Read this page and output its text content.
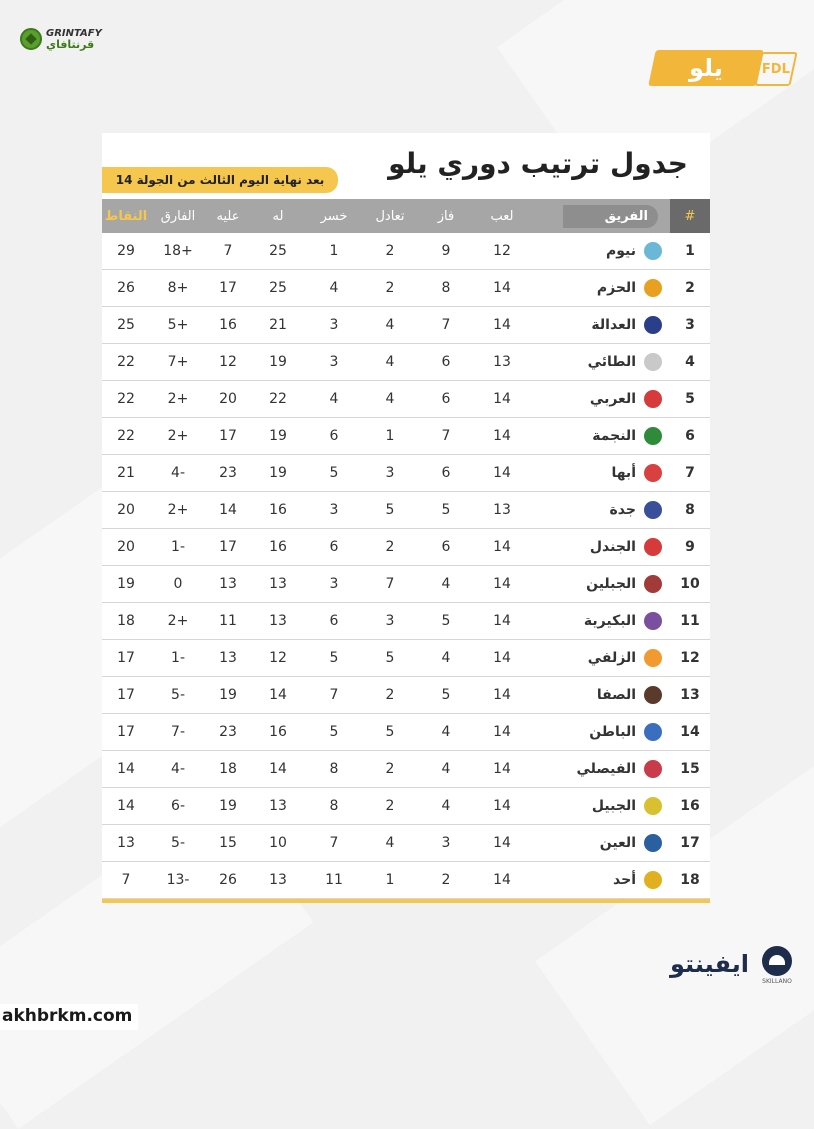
GRINTAFY
قرنتافاي
يلو	FDL
جدول ترتيب دوري يلو
بعد نهاية اليوم الثالث من الجولة 14
#
الفريق
لعب
فاز
تعادل
خسر
له
عليه
الفارق
النقاط
1
نيوم
12
9
2
1
25
7
+18
29
2
الحزم
14
8
2
4
25
17
+8
26
3
العدالة
14
7
4
3
21
16
+5
25
4
الطائي
13
6
4
3
19
12
+7
22
5
العربي
14
6
4
4
22
20
+2
22
6
النجمة
14
7
1
6
19
17
+2
22
7
أبها
14
6
3
5
19
23
-4
21
8
جدة
13
5
5
3
16
14
+2
20
9
الجندل
14
6
2
6
16
17
-1
20
10
الجبلين
14
4
7
3
13
13
0
19
11
البكيرية
14
5
3
6
13
11
+2
18
12
الزلفي
14
4
5
5
12
13
-1
17
13
الصفا
14
5
2
7
14
19
-5
17
14
الباطن
14
4
5
5
16
23
-7
17
15
الفيصلي
14
4
2
8
14
18
-4
14
16
الجبيل
14
4
2
8
13
19
-6
14
17
العين
14
3
4
7
10
15
-5
13
18
أحد
14
2
1
11
13
26
-13
7
ايفينتو
SKILLANO
akhbrkm.com
